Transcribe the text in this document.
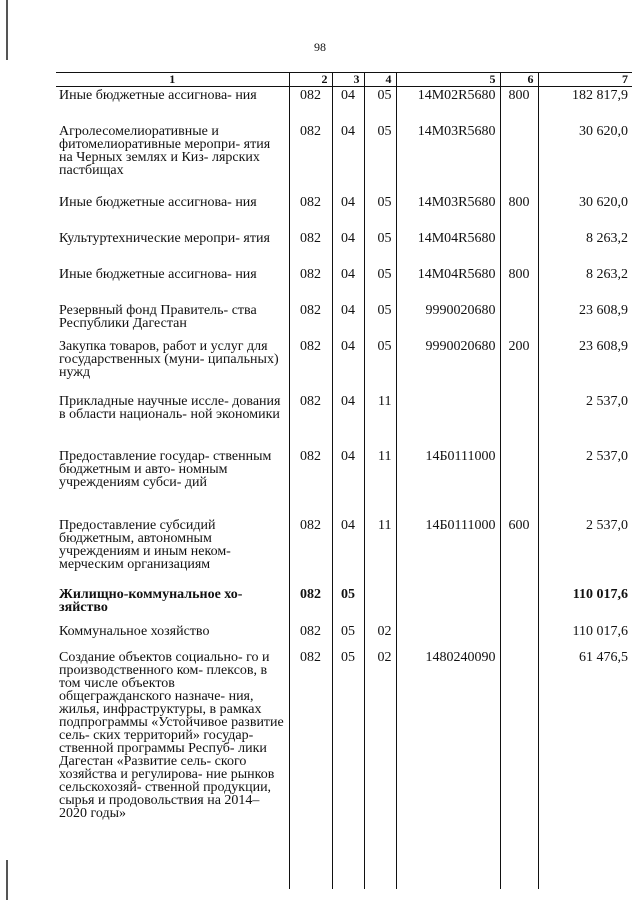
98
1	2	3	4	5	6	7
Иные бюджетные ассигнова- ния	082	04	05	14М02R5680	800	182 817,9
Агролесомелиоративные и фитомелиоративные меропри- ятия на Черных землях и Киз- лярских пастбищах	082	04	05	14М03R5680		30 620,0
Иные бюджетные ассигнова- ния	082	04	05	14М03R5680	800	30 620,0
Культуртехнические меропри- ятия	082	04	05	14М04R5680		8 263,2
Иные бюджетные ассигнова- ния	082	04	05	14М04R5680	800	8 263,2
Резервный фонд Правитель- ства Республики Дагестан	082	04	05	9990020680		23 608,9
Закупка товаров, работ и услуг для государственных (муни- ципальных) нужд	082	04	05	9990020680	200	23 608,9
Прикладные научные иссле- дования в области националь- ной экономики	082	04	11			2 537,0
Предоставление государ- ственным бюджетным и авто- номным учреждениям субси- дий	082	04	11	14Б0111000		2 537,0
Предоставление субсидий бюджетным, автономным учреждениям и иным неком- мерческим организациям	082	04	11	14Б0111000	600	2 537,0
Жилищно-коммунальное хо- зяйство	082	05				110 017,6
Коммунальное хозяйство	082	05	02			110 017,6
Создание объектов социально- го и производственного ком- плексов, в том числе объектов общегражданского назначе- ния, жилья, инфраструктуры, в рамках подпрограммы «Устойчивое развитие сель- ских территорий» государ- ственной программы Респуб- лики Дагестан «Развитие сель- ского хозяйства и регулирова- ние рынков сельскохозяй- ственной продукции, сырья и продовольствия на 2014–2020 годы»	082	05	02	1480240090		61 476,5
